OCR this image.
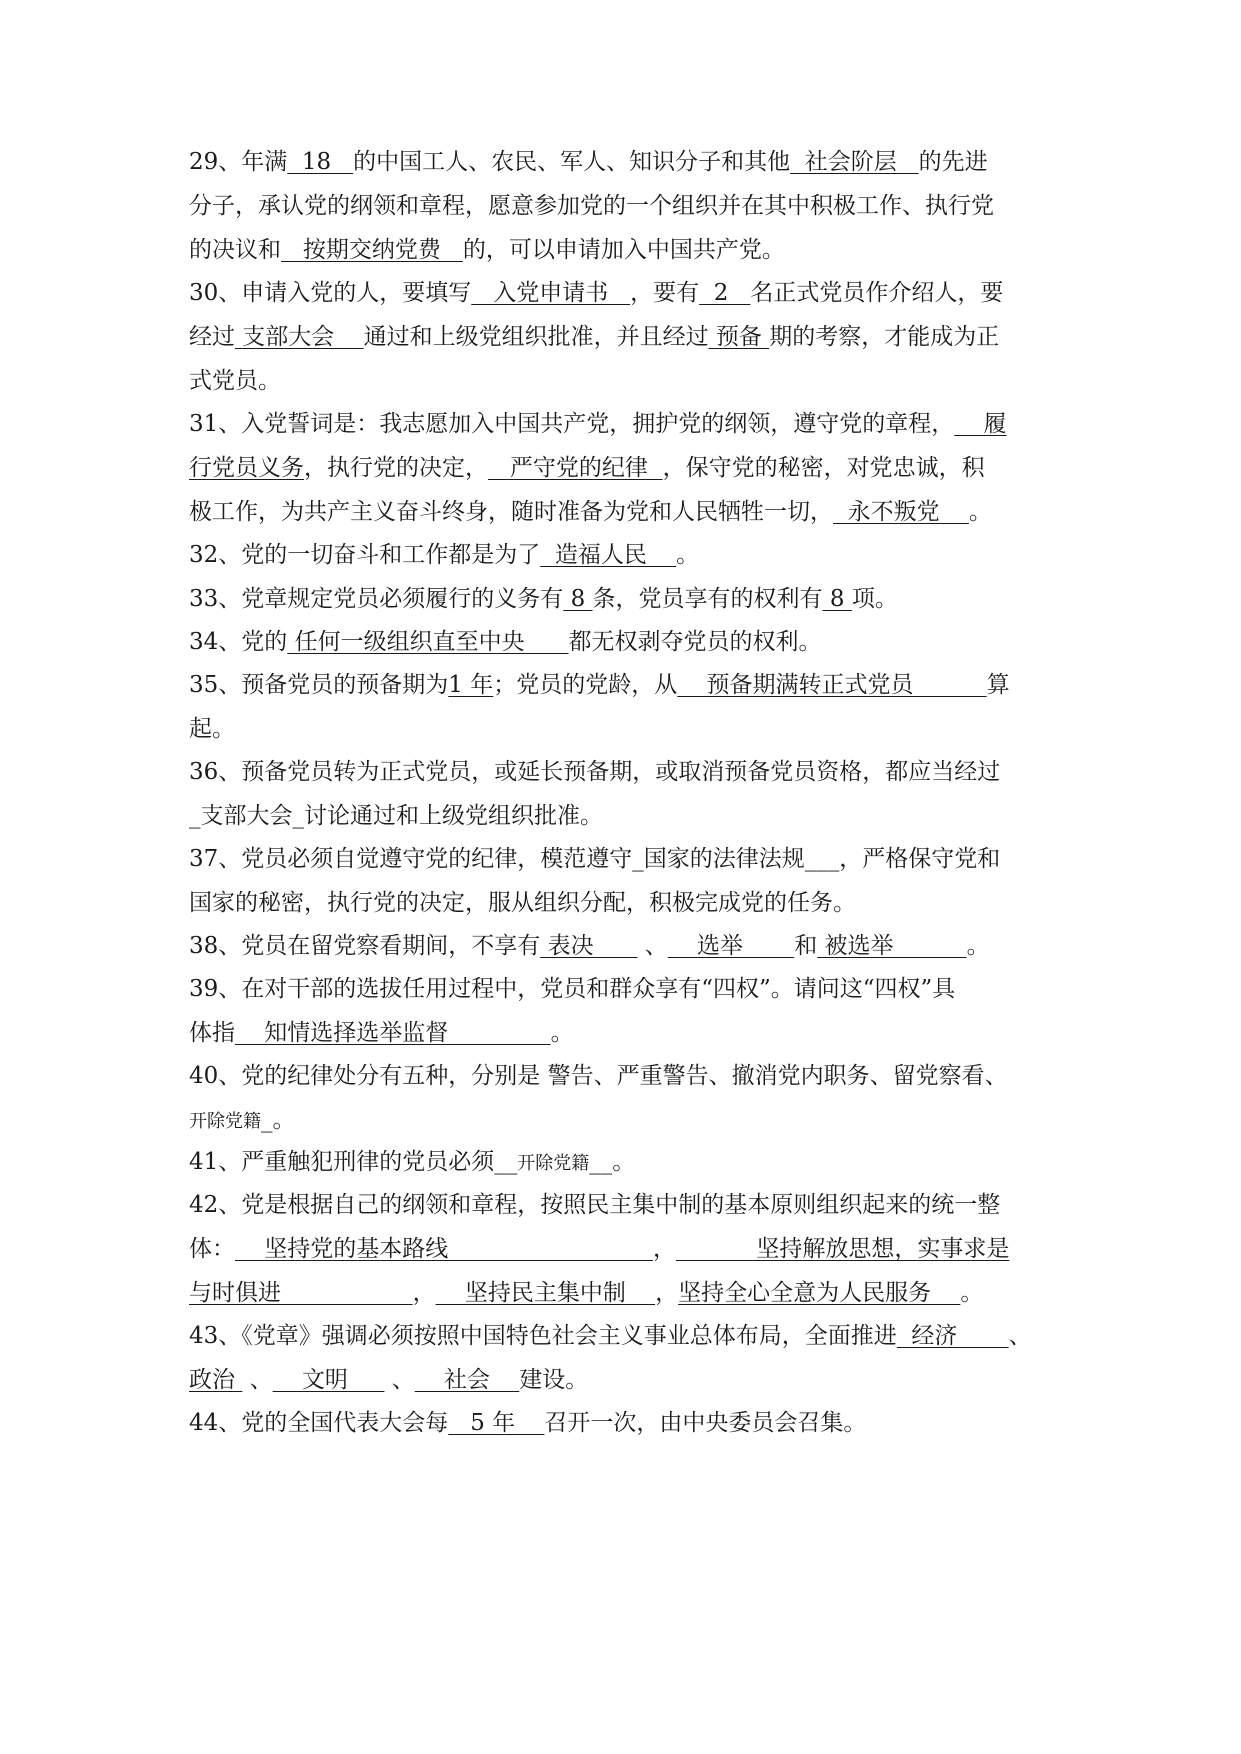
29、年满  18   的中国工人、农民、军人、知识分子和其他  社会阶层   的先进
分子，承认党的纲领和章程，愿意参加党的一个组织并在其中积极工作、执行党
的决议和   按期交纳党费   的，可以申请加入中国共产党。
30、申请入党的人，要填写   入党申请书   ，要有  2   名正式党员作介绍人，要
经过 支部大会    通过和上级党组织批准，并且经过 预备 期的考察，才能成为正
式党员。
31、入党誓词是：我志愿加入中国共产党，拥护党的纲领，遵守党的章程，    履
行党员义务，执行党的决定，   严守党的纪律  ，保守党的秘密，对党忠诚，积
极工作，为共产主义奋斗终身，随时准备为党和人民牺牲一切，  永不叛党    。
32、党的一切奋斗和工作都是为了  造福人民    。
33、党章规定党员必须履行的义务有 8 条，党员享有的权利有 8 项。
34、党的 任何一级组织直至中央      都无权剥夺党员的权利。
35、预备党员的预备期为1 年；党员的党龄，从    预备期满转正式党员          算
起。
36、预备党员转为正式党员，或延长预备期，或取消预备党员资格，都应当经过
_支部大会_讨论通过和上级党组织批准。
37、党员必须自觉遵守党的纪律，模范遵守_国家的法律法规___，严格保守党和
国家的秘密，执行党的决定，服从组织分配，积极完成党的任务。
38、党员在留党察看期间，不享有 表决       、    选举       和 被选举          。
39、在对干部的选拔任用过程中，党员和群众享有“四权”。请问这“四权”具
体指    知情选择选举监督              。
40、党的纪律处分有五种，分别是 警告、严重警告、撤消党内职务、留党察看、
开除党籍_。
41、严重触犯刑律的党员必须__开除党籍__。
42、党是根据自己的纲领和章程，按照民主集中制的基本原则组织起来的统一整
体：    坚持党的基本路线                            ，           坚持解放思想，实事求是
与时俱进                  ，    坚持民主集中制    ，坚持全心全意为人民服务    。
43、《党章》强调必须按照中国特色社会主义事业总体布局，全面推进  经济       、
政治  、    文明      、    社会    建设。
44、党的全国代表大会每   5 年    召开一次，由中央委员会召集。
